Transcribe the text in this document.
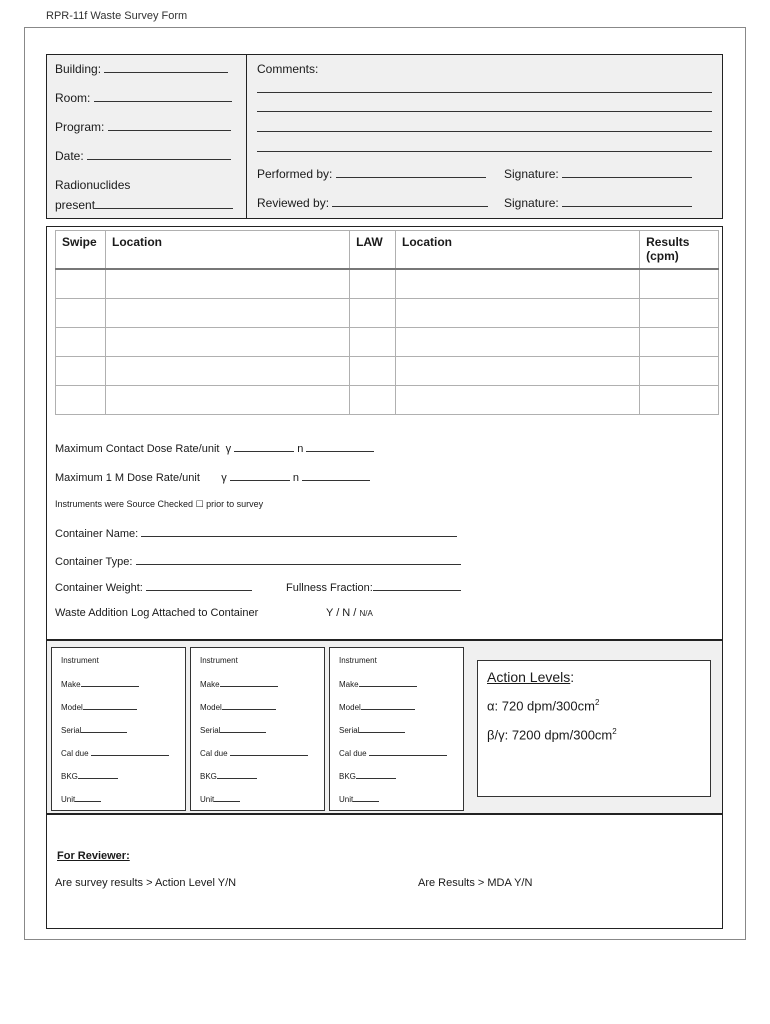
RPR-11f Waste Survey Form
Building:
Room:
Program:
Date:
Radionuclides
present
Comments:
Performed by:	Signature:
Reviewed by:	Signature:
Swipe	Location	LAW	Location	Results
(cpm)

Maximum Contact Dose Rate/unit γ	n
Maximum 1 M Dose Rate/unit γ	n
Instruments were Source Checked ☐ prior to survey
Container Name:
Container Type:
Container Weight:	Fullness Fraction:
Waste Addition Log Attached to Container	Y / N / N/A
Instrument
Make
Model
Serial
Cal due
BKG
Unit
Instrument
Make
Model
Serial
Cal due
BKG
Unit
Instrument
Make
Model
Serial
Cal due
BKG
Unit
Action Levels:
α: 720 dpm/$300cm^2$
β/γ: 7200 dpm/$300cm^2$
For Reviewer:
Are survey results > Action Level Y/N	Are Results > MDA Y/N
